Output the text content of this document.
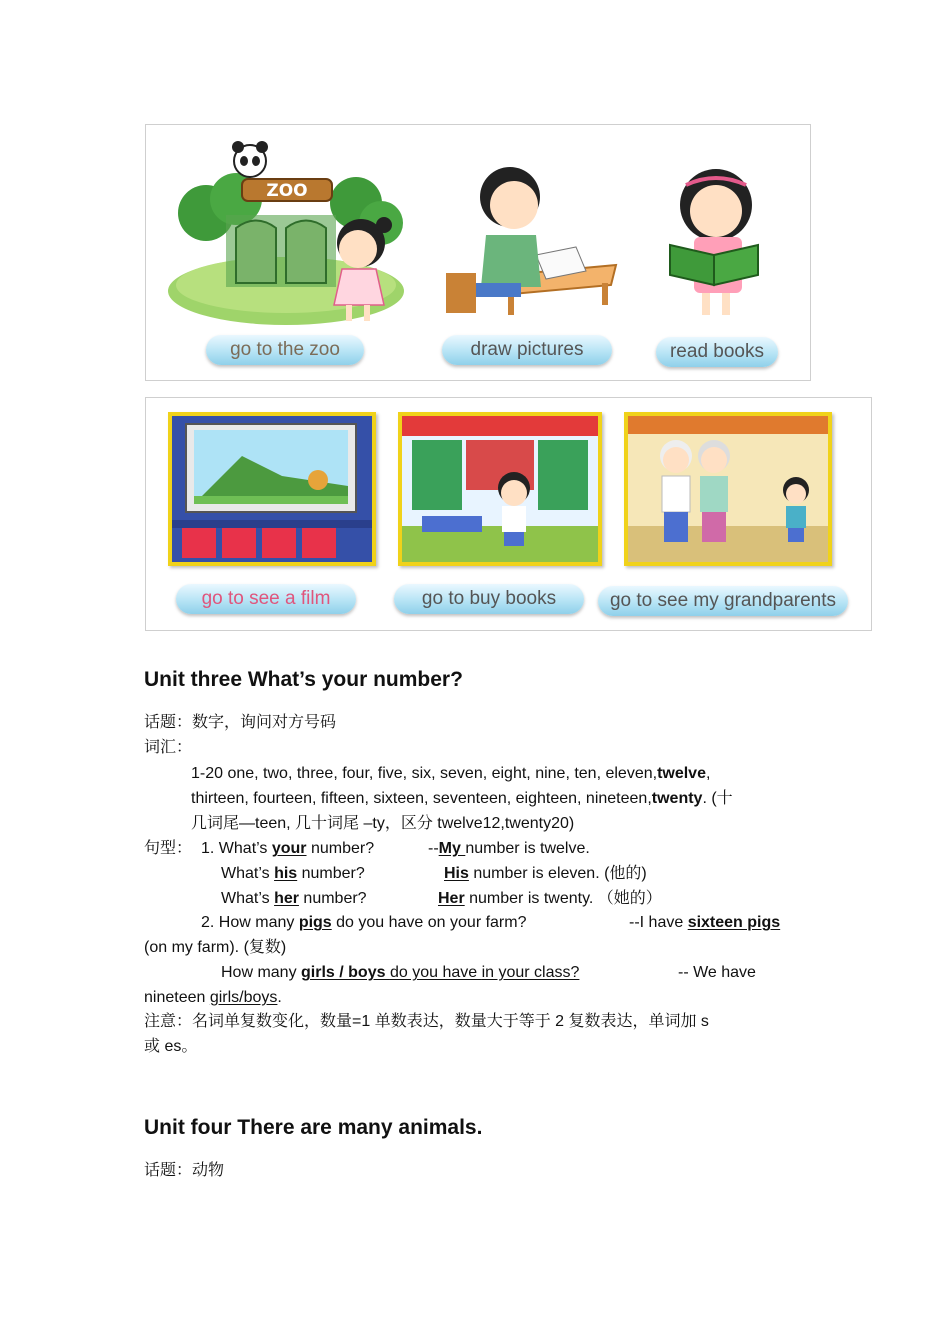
ZOO
go to the zoo	draw pictures	read books
go to see a film	go to buy books	go to see my grandparents
Unit three What’s your number?
话题：数字，询问对方号码
词汇：
1-20 one, two, three, four, five, six, seven, eight, nine, ten, eleven,twelve,
thirteen, fourteen, fifteen, sixteen, seventeen, eighteen, nineteen,twenty. (十
几词尾—teen, 几十词尾 –ty，区分 twelve12,twenty20)
句型： 1. What’s your number?	--My number is twelve.
What’s his number?	His number is eleven. (他的)
What’s her number?	Her number is twenty. （她的）
2. How many pigs do you have on your farm?	--I have sixteen pigs
(on my farm). (复数)
How many girls / boys do you have in your class?	-- We have
nineteen girls/boys.
注意：名词单复数变化，数量=1 单数表达，数量大于等于 2 复数表达，单词加 s
或 es。
Unit four There are many animals.
话题：动物
